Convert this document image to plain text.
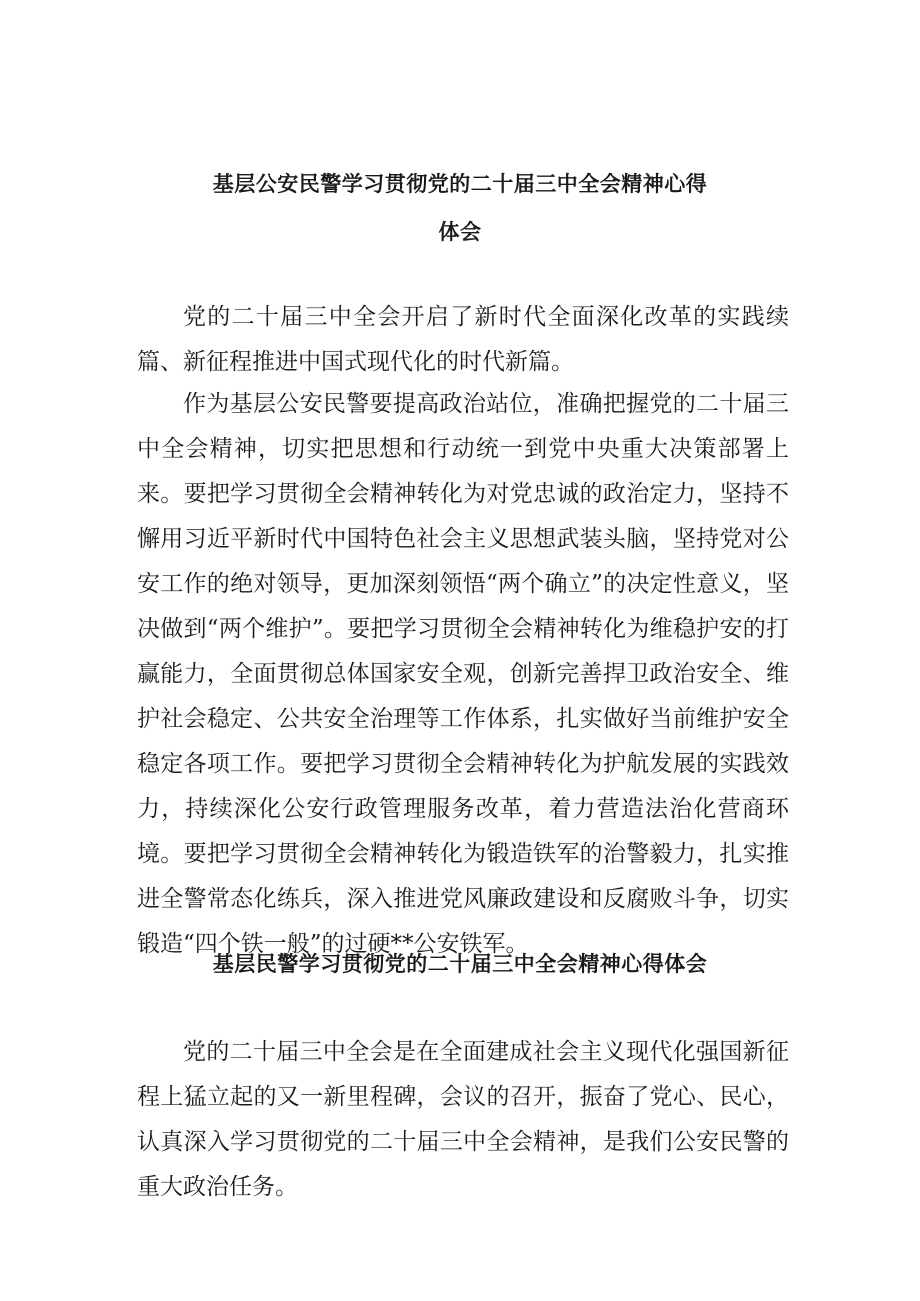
基层公安民警学习贯彻党的二十届三中全会精神心得
体会

党的二十届三中全会开启了新时代全面深化改革的实践续篇、新征程推进中国式现代化的时代新篇。

作为基层公安民警要提高政治站位，准确把握党的二十届三中全会精神，切实把思想和行动统一到党中央重大决策部署上来。要把学习贯彻全会精神转化为对党忠诚的政治定力，坚持不懈用习近平新时代中国特色社会主义思想武装头脑，坚持党对公安工作的绝对领导，更加深刻领悟“两个确立”的决定性意义，坚决做到“两个维护”。要把学习贯彻全会精神转化为维稳护安的打赢能力，全面贯彻总体国家安全观，创新完善捍卫政治安全、维护社会稳定、公共安全治理等工作体系，扎实做好当前维护安全稳定各项工作。要把学习贯彻全会精神转化为护航发展的实践效力，持续深化公安行政管理服务改革，着力营造法治化营商环境。要把学习贯彻全会精神转化为锻造铁军的治警毅力，扎实推进全警常态化练兵，深入推进党风廉政建设和反腐败斗争，切实锻造“四个铁一般”的过硬**公安铁军。

基层民警学习贯彻党的二十届三中全会精神心得体会

党的二十届三中全会是在全面建成社会主义现代化强国新征程上猛立起的又一新里程碑，会议的召开，振奋了党心、民心，认真深入学习贯彻党的二十届三中全会精神，是我们公安民警的重大政治任务。
